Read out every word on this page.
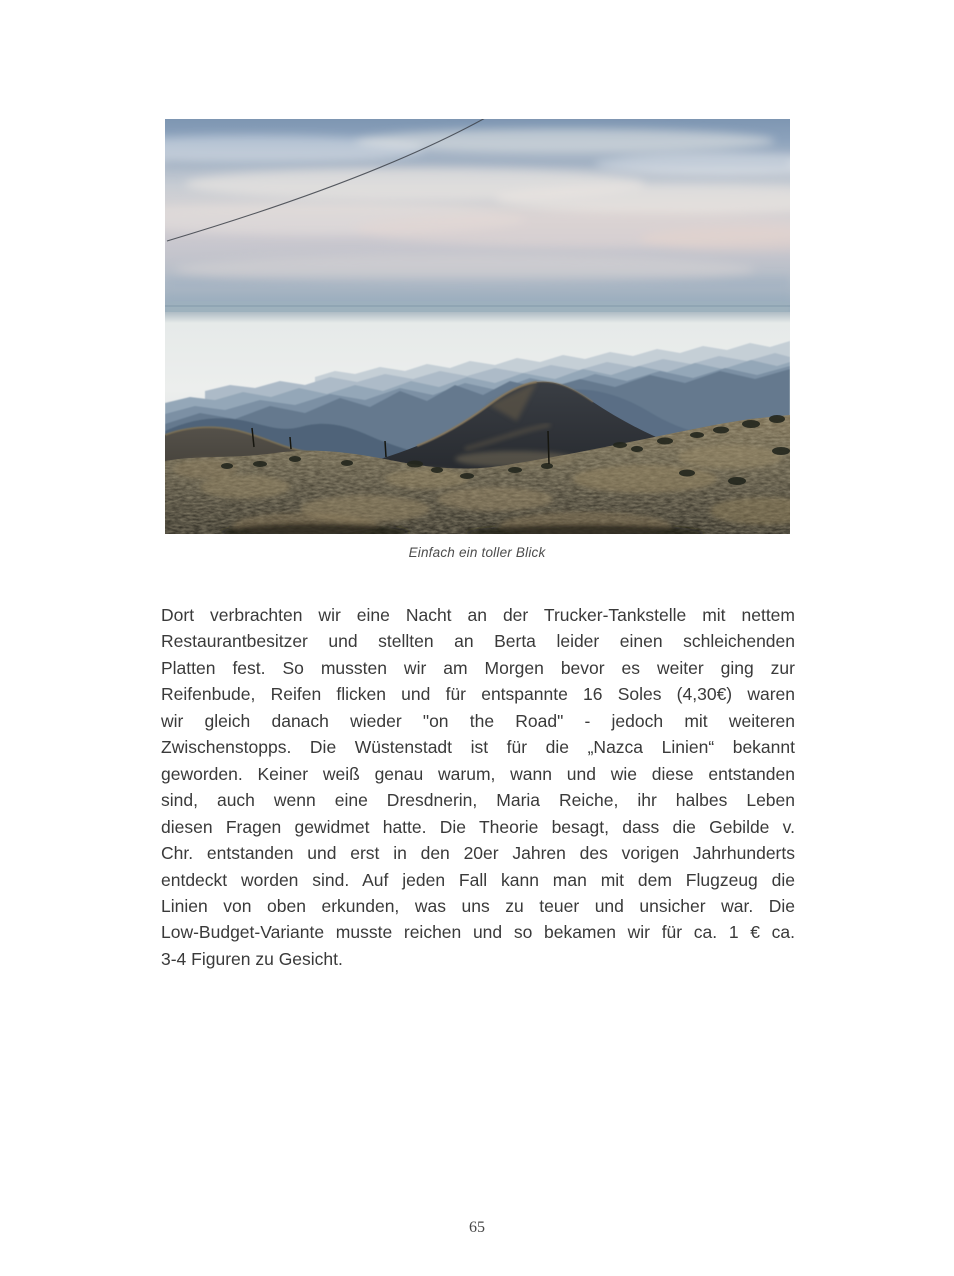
Einfach ein toller Blick
Dort verbrachten wir eine Nacht an der Trucker-Tankstelle mit nettem
Restaurantbesitzer und stellten an Berta leider einen schleichenden
Platten fest. So mussten wir am Morgen bevor es weiter ging zur
Reifenbude, Reifen flicken und für entspannte 16 Soles (4,30€) waren
wir gleich danach wieder "on the Road" - jedoch mit weiteren
Zwischenstopps. Die Wüstenstadt ist für die „Nazca Linien“ bekannt
geworden. Keiner weiß genau warum, wann und wie diese entstanden
sind, auch wenn eine Dresdnerin, Maria Reiche, ihr halbes Leben
diesen Fragen gewidmet hatte. Die Theorie besagt, dass die Gebilde v.
Chr. entstanden und erst in den 20er Jahren des vorigen Jahrhunderts
entdeckt worden sind. Auf jeden Fall kann man mit dem Flugzeug die
Linien von oben erkunden, was uns zu teuer und unsicher war. Die
Low-Budget-Variante musste reichen und so bekamen wir für ca. 1 € ca.
3-4 Figuren zu Gesicht.
65
